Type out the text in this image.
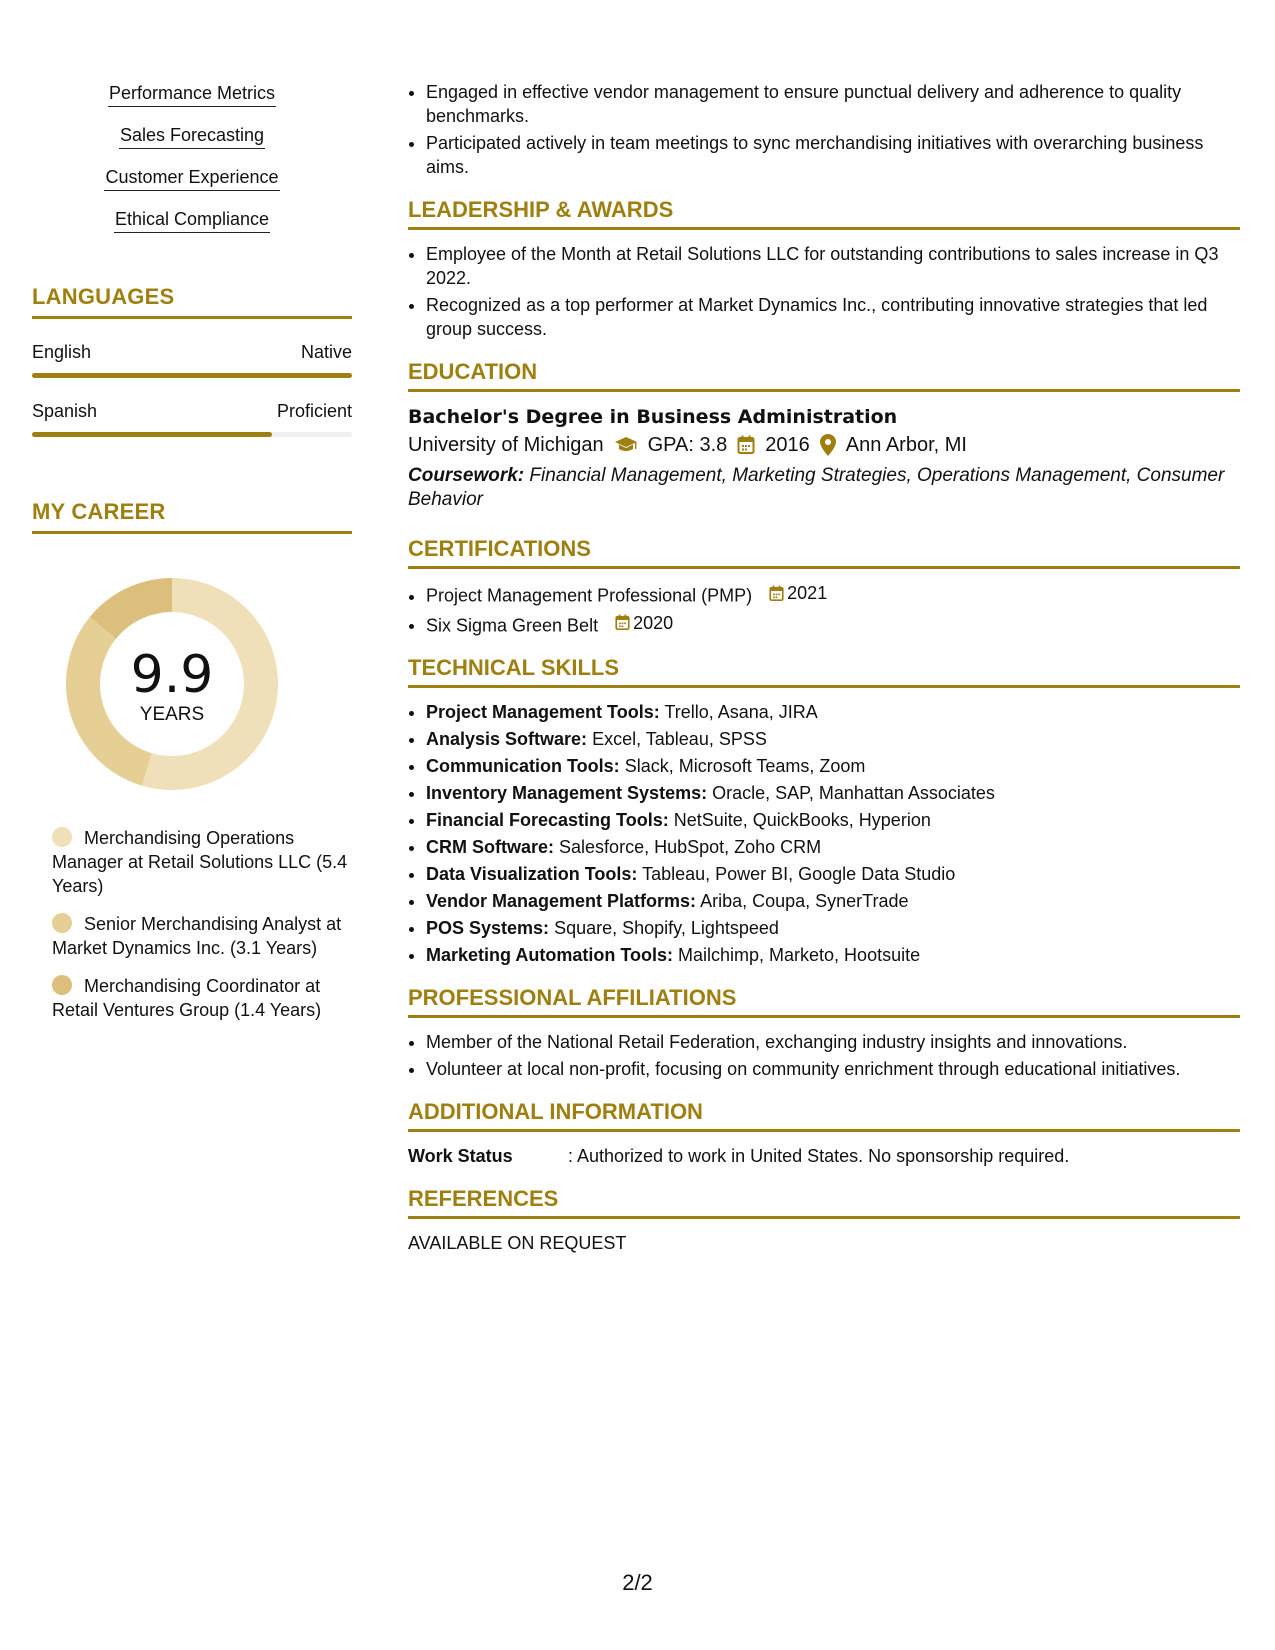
Performance Metrics
Sales Forecasting
Customer Experience
Ethical Compliance
LANGUAGES
English	Native
Spanish	Proficient
MY CAREER
9.9
YEARS
Merchandising Operations Manager at Retail Solutions LLC (5.4 Years)
Senior Merchandising Analyst at Market Dynamics Inc. (3.1 Years)
Merchandising Coordinator at Retail Ventures Group (1.4 Years)
• Engaged in effective vendor management to ensure punctual delivery and adherence to quality benchmarks.
• Participated actively in team meetings to sync merchandising initiatives with overarching business aims.
LEADERSHIP & AWARDS
• Employee of the Month at Retail Solutions LLC for outstanding contributions to sales increase in Q3 2022.
• Recognized as a top performer at Market Dynamics Inc., contributing innovative strategies that led group success.
EDUCATION
Bachelor's Degree in Business Administration
University of Michigan GPA: 3.8 2016 Ann Arbor, MI
Coursework: Financial Management, Marketing Strategies, Operations Management, Consumer Behavior
CERTIFICATIONS
• Project Management Professional (PMP) 2021
• Six Sigma Green Belt 2020
TECHNICAL SKILLS
• Project Management Tools: Trello, Asana, JIRA
• Analysis Software: Excel, Tableau, SPSS
• Communication Tools: Slack, Microsoft Teams, Zoom
• Inventory Management Systems: Oracle, SAP, Manhattan Associates
• Financial Forecasting Tools: NetSuite, QuickBooks, Hyperion
• CRM Software: Salesforce, HubSpot, Zoho CRM
• Data Visualization Tools: Tableau, Power BI, Google Data Studio
• Vendor Management Platforms: Ariba, Coupa, SynerTrade
• POS Systems: Square, Shopify, Lightspeed
• Marketing Automation Tools: Mailchimp, Marketo, Hootsuite
PROFESSIONAL AFFILIATIONS
• Member of the National Retail Federation, exchanging industry insights and innovations.
• Volunteer at local non-profit, focusing on community enrichment through educational initiatives.
ADDITIONAL INFORMATION
Work Status	: Authorized to work in United States. No sponsorship required.
REFERENCES
AVAILABLE ON REQUEST
2/2
